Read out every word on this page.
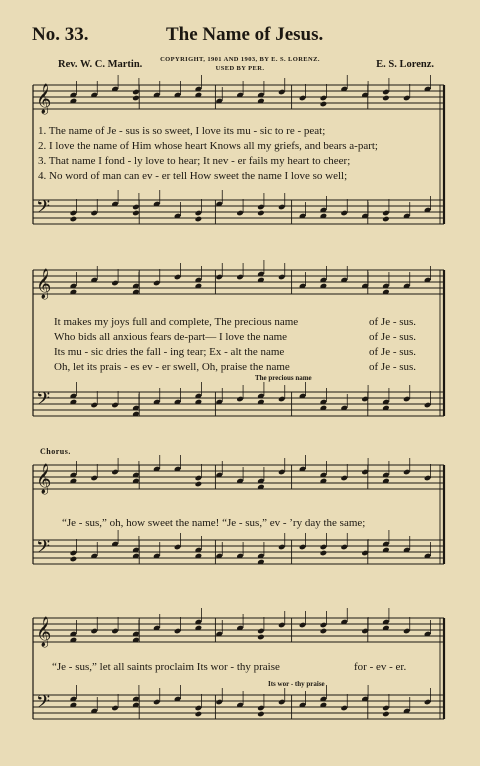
No. 33.	The Name of Jesus.
Rev. W. C. Martin.	COPYRIGHT, 1901 AND 1903, BY E. S. LORENZ.
USED BY PER.	E. S. Lorenz.
𝄞
𝄢
𝄞
𝄢
𝄞
𝄢
𝄞
𝄢
1. The name of Je - sus is so sweet, I love its mu - sic to re - peat;
2. I love the name of Him whose heart Knows all my griefs, and bears a-part;
3. That name I fond - ly love to hear; It nev - er fails my heart to cheer;
4. No word of man can ev - er tell How sweet the name I love so well;
It makes my joys full and complete, The precious name	of Je - sus.
Who bids all anxious fears de-part— I love the name	of Je - sus.
Its mu - sic dries the fall - ing tear; Ex - alt the name	of Je - sus.
Oh, let its prais - es ev - er swell, Oh, praise the name	of Je - sus.
The precious name
Chorus.
“Je - sus,” oh, how sweet the name! “Je - sus,” ev - ’ry day the same;
“Je - sus,” let all saints proclaim Its wor - thy praise	for - ev - er.
Its wor - thy praise
